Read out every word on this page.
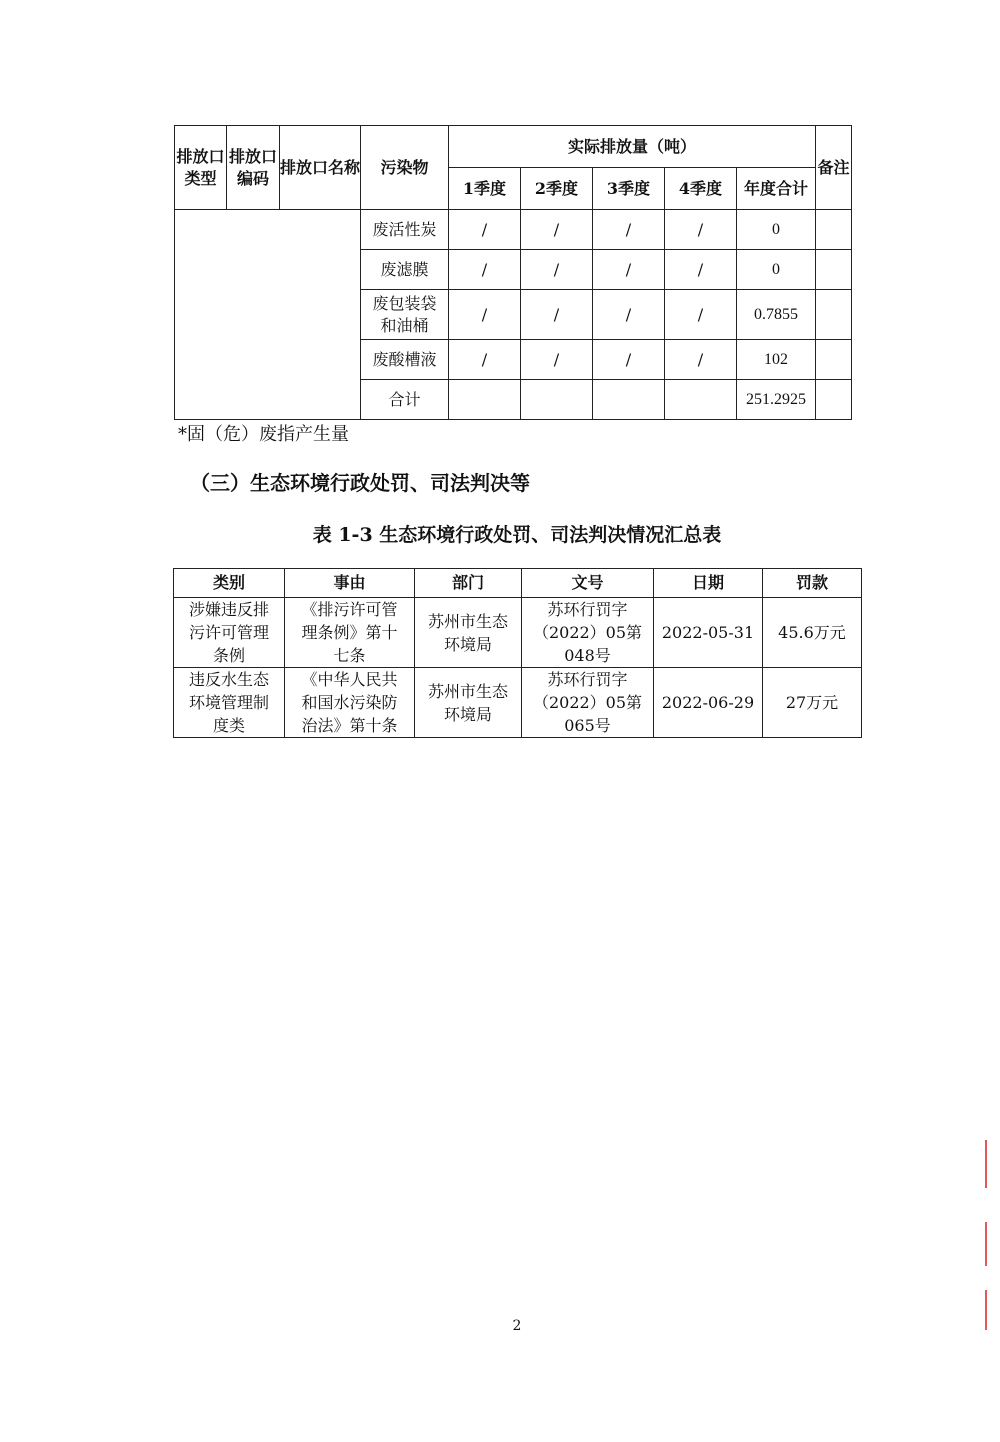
排放口类型	排放口编码	排放口名称	污染物	实际排放量（吨）					备注
				1季度	2季度	3季度	4季度	年度合计	
			废活性炭	/	/	/	/	0	
			废滤膜	/	/	/	/	0	
			废包装袋和油桶	/	/	/	/	0.7855	
			废酸槽液	/	/	/	/	102	
			合计					251.2925	
*固（危）废指产生量
（三）生态环境行政处罚、司法判决等
表 1-3 生态环境行政处罚、司法判决情况汇总表
类别	事由	部门	文号	日期	罚款
涉嫌违反排污许可管理条例	《排污许可管理条例》第十七条	苏州市生态环境局	苏环行罚字（2022）05第048号	2022-05-31	45.6万元
违反水生态环境管理制度类	《中华人民共和国水污染防治法》第十条	苏州市生态环境局	苏环行罚字（2022）05第065号	2022-06-29	27万元
2
